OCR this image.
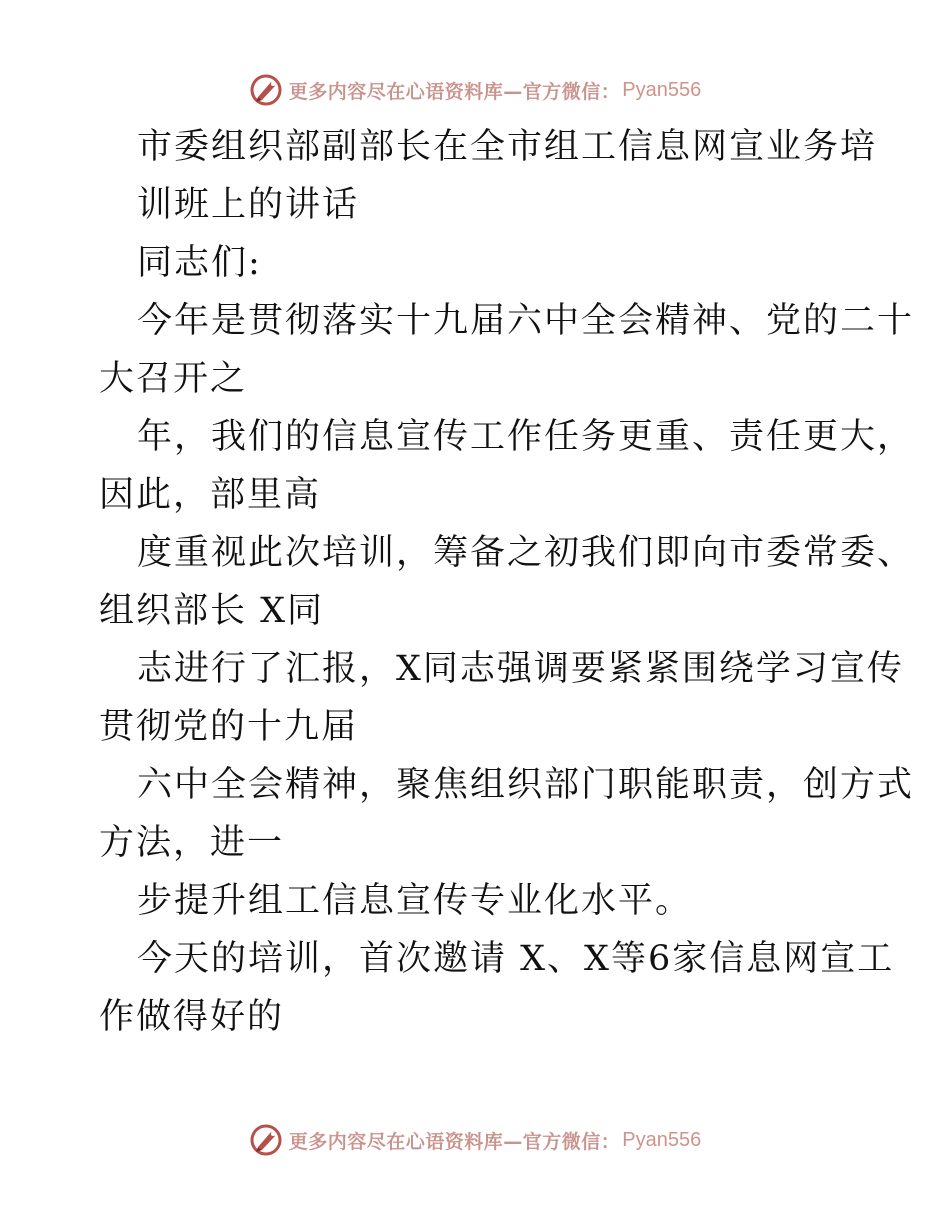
更多内容尽在心语资料库—官方微信： Pyan556
市委组织部副部长在全市组工信息网宣业务培
训班上的讲话
同志们:
今年是贯彻落实十九届六中全会精神、党的二十
大召开之
年，我们的信息宣传工作任务更重、责任更大，
因此，部里高
度重视此次培训，筹备之初我们即向市委常委、
组织部长 X同
志进行了汇报，X同志强调要紧紧围绕学习宣传
贯彻党的十九届
六中全会精神，聚焦组织部门职能职责，创方式
方法，进一
步提升组工信息宣传专业化水平。
今天的培训，首次邀请 X、X等6家信息网宣工
作做得好的
更多内容尽在心语资料库—官方微信： Pyan556
